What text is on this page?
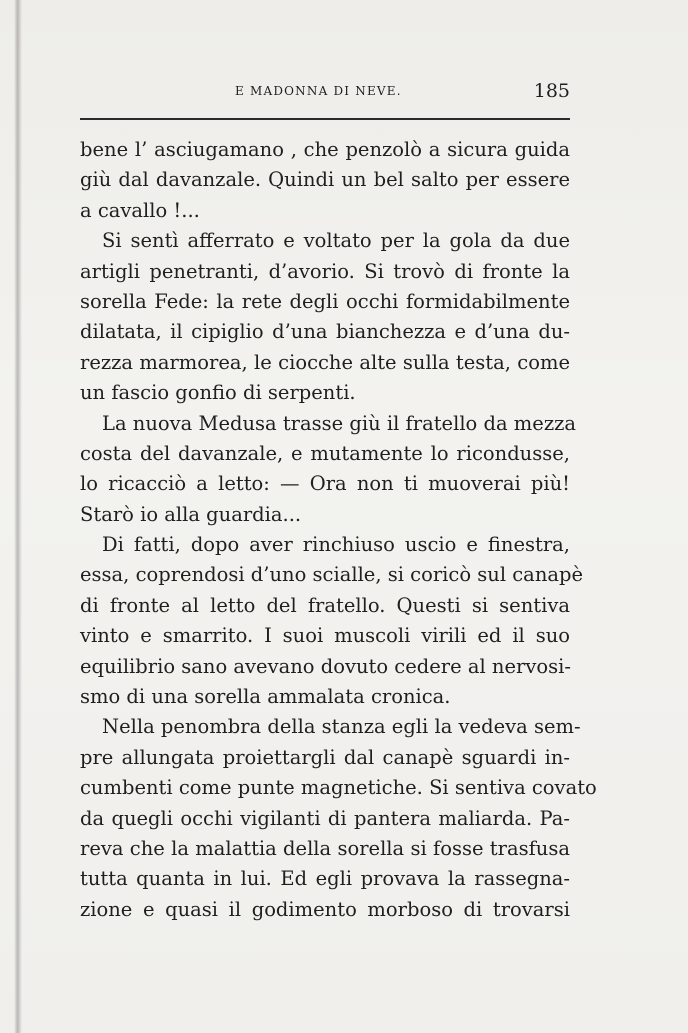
E MADONNA DI NEVE.	185
bene l’ asciugamano , che penzolò a sicura guida
giù dal davanzale. Quindi un bel salto per essere
a cavallo !...
Si sentì afferrato e voltato per la gola da due
artigli penetranti, d’avorio. Si trovò di fronte la
sorella Fede: la rete degli occhi formidabilmente
dilatata, il cipiglio d’una bianchezza e d’una du-
rezza marmorea, le ciocche alte sulla testa, come
un fascio gonfio di serpenti.
La nuova Medusa trasse giù il fratello da mezza
costa del davanzale, e mutamente lo ricondusse,
lo ricacciò a letto: — Ora non ti muoverai più!
Starò io alla guardia...
Di fatti, dopo aver rinchiuso uscio e finestra,
essa, coprendosi d’uno scialle, si coricò sul canapè
di fronte al letto del fratello. Questi si sentiva
vinto e smarrito. I suoi muscoli virili ed il suo
equilibrio sano avevano dovuto cedere al nervosi-
smo di una sorella ammalata cronica.
Nella penombra della stanza egli la vedeva sem-
pre allungata proiettargli dal canapè sguardi in-
cumbenti come punte magnetiche. Si sentiva covato
da quegli occhi vigilanti di pantera maliarda. Pa-
reva che la malattia della sorella si fosse trasfusa
tutta quanta in lui. Ed egli provava la rassegna-
zione e quasi il godimento morboso di trovarsi
